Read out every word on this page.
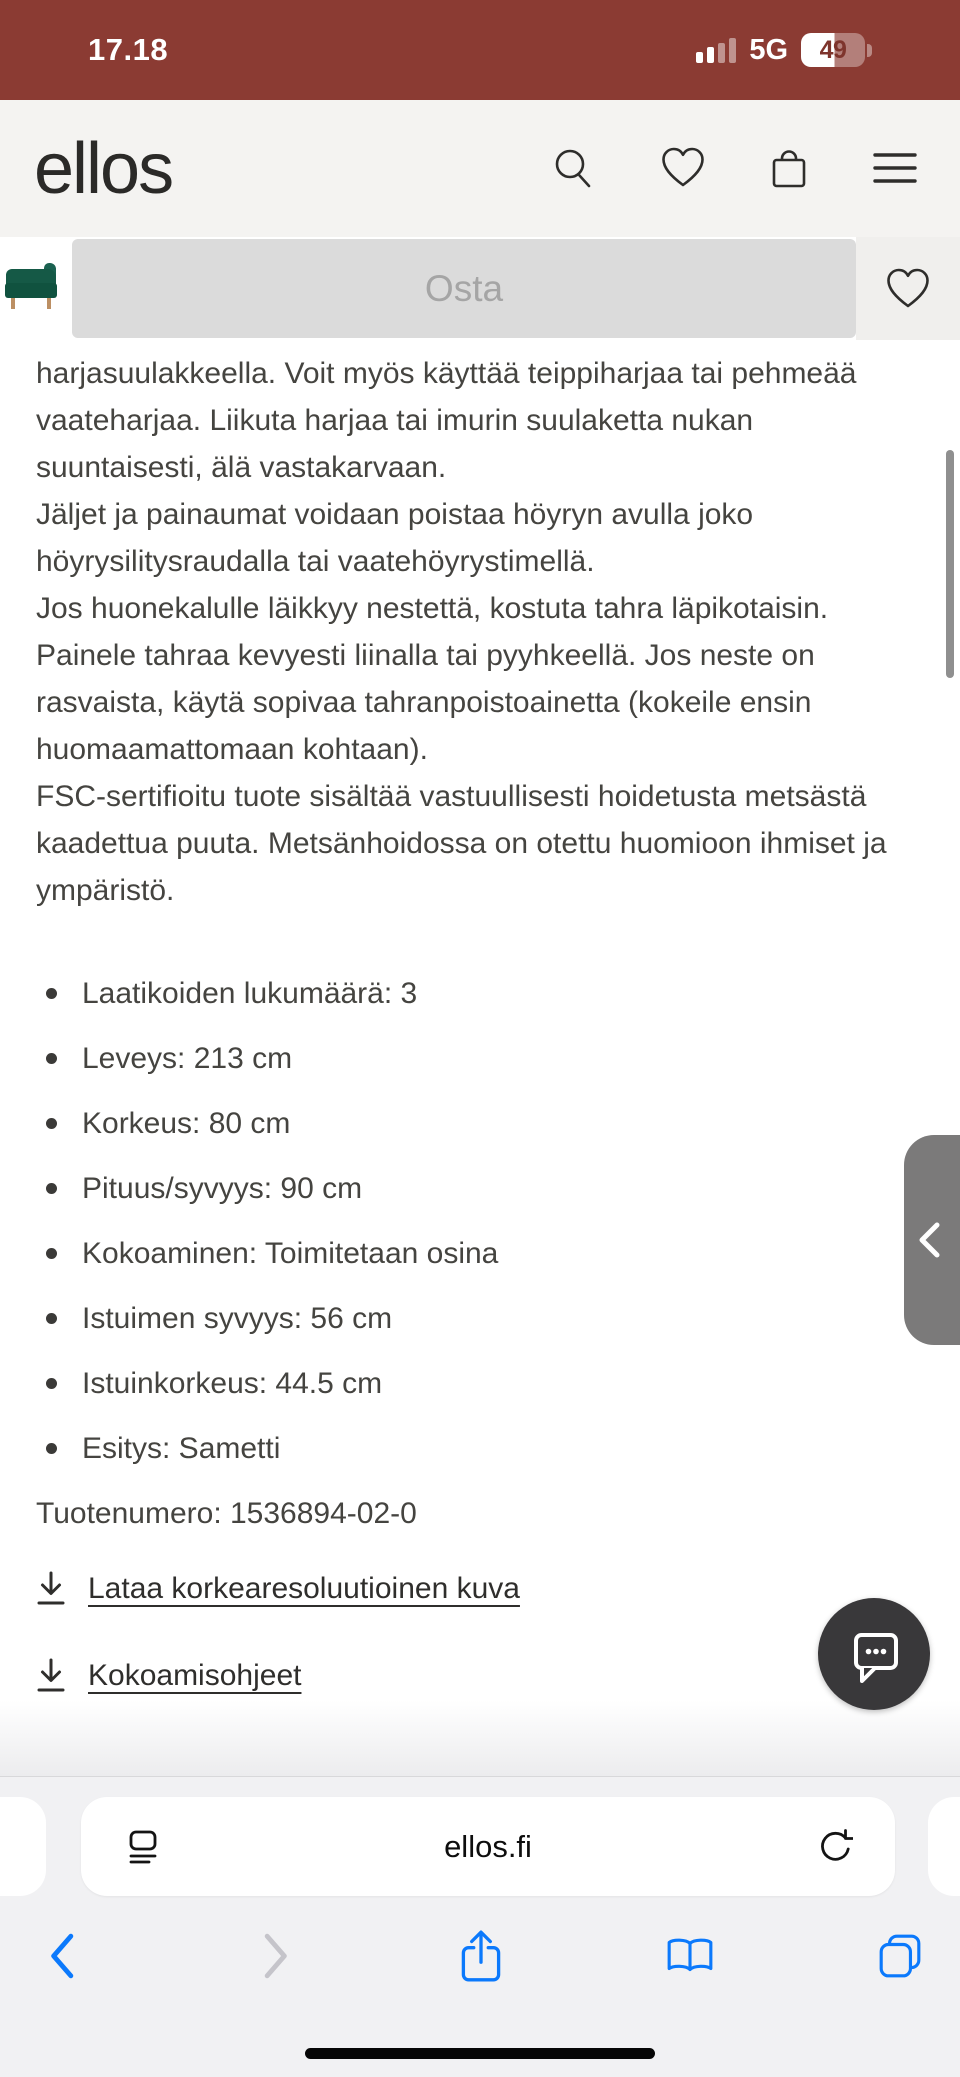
17.18	5G 49
ellos
Osta

harjasuulakkeella. Voit myös käyttää teippiharjaa tai pehmeää vaateharjaa. Liikuta harjaa tai imurin suulaketta nukan suuntaisesti, älä vastakarvaan.

Jäljet ja painaumat voidaan poistaa höyryn avulla joko höyrysilitysraudalla tai vaatehöyrystimellä.

Jos huonekalulle läikkyy nestettä, kostuta tahra läpikotaisin. Painele tahraa kevyesti liinalla tai pyyhkeellä. Jos neste on rasvaista, käytä sopivaa tahranpoistoainetta (kokeile ensin huomaamattomaan kohtaan).

FSC-sertifioitu tuote sisältää vastuullisesti hoidetusta metsästä kaadettua puuta. Metsänhoidossa on otettu huomioon ihmiset ja ympäristö.

Laatikoiden lukumäärä: 3
Leveys: 213 cm
Korkeus: 80 cm
Pituus/syvyys: 90 cm
Kokoaminen: Toimitetaan osina
Istuimen syvyys: 56 cm
Istuinkorkeus: 44.5 cm
Esitys: Sametti

Tuotenumero: 1536894-02-0

Lataa korkearesoluutioinen kuva
Kokoamisohjeet
ellos.fi
